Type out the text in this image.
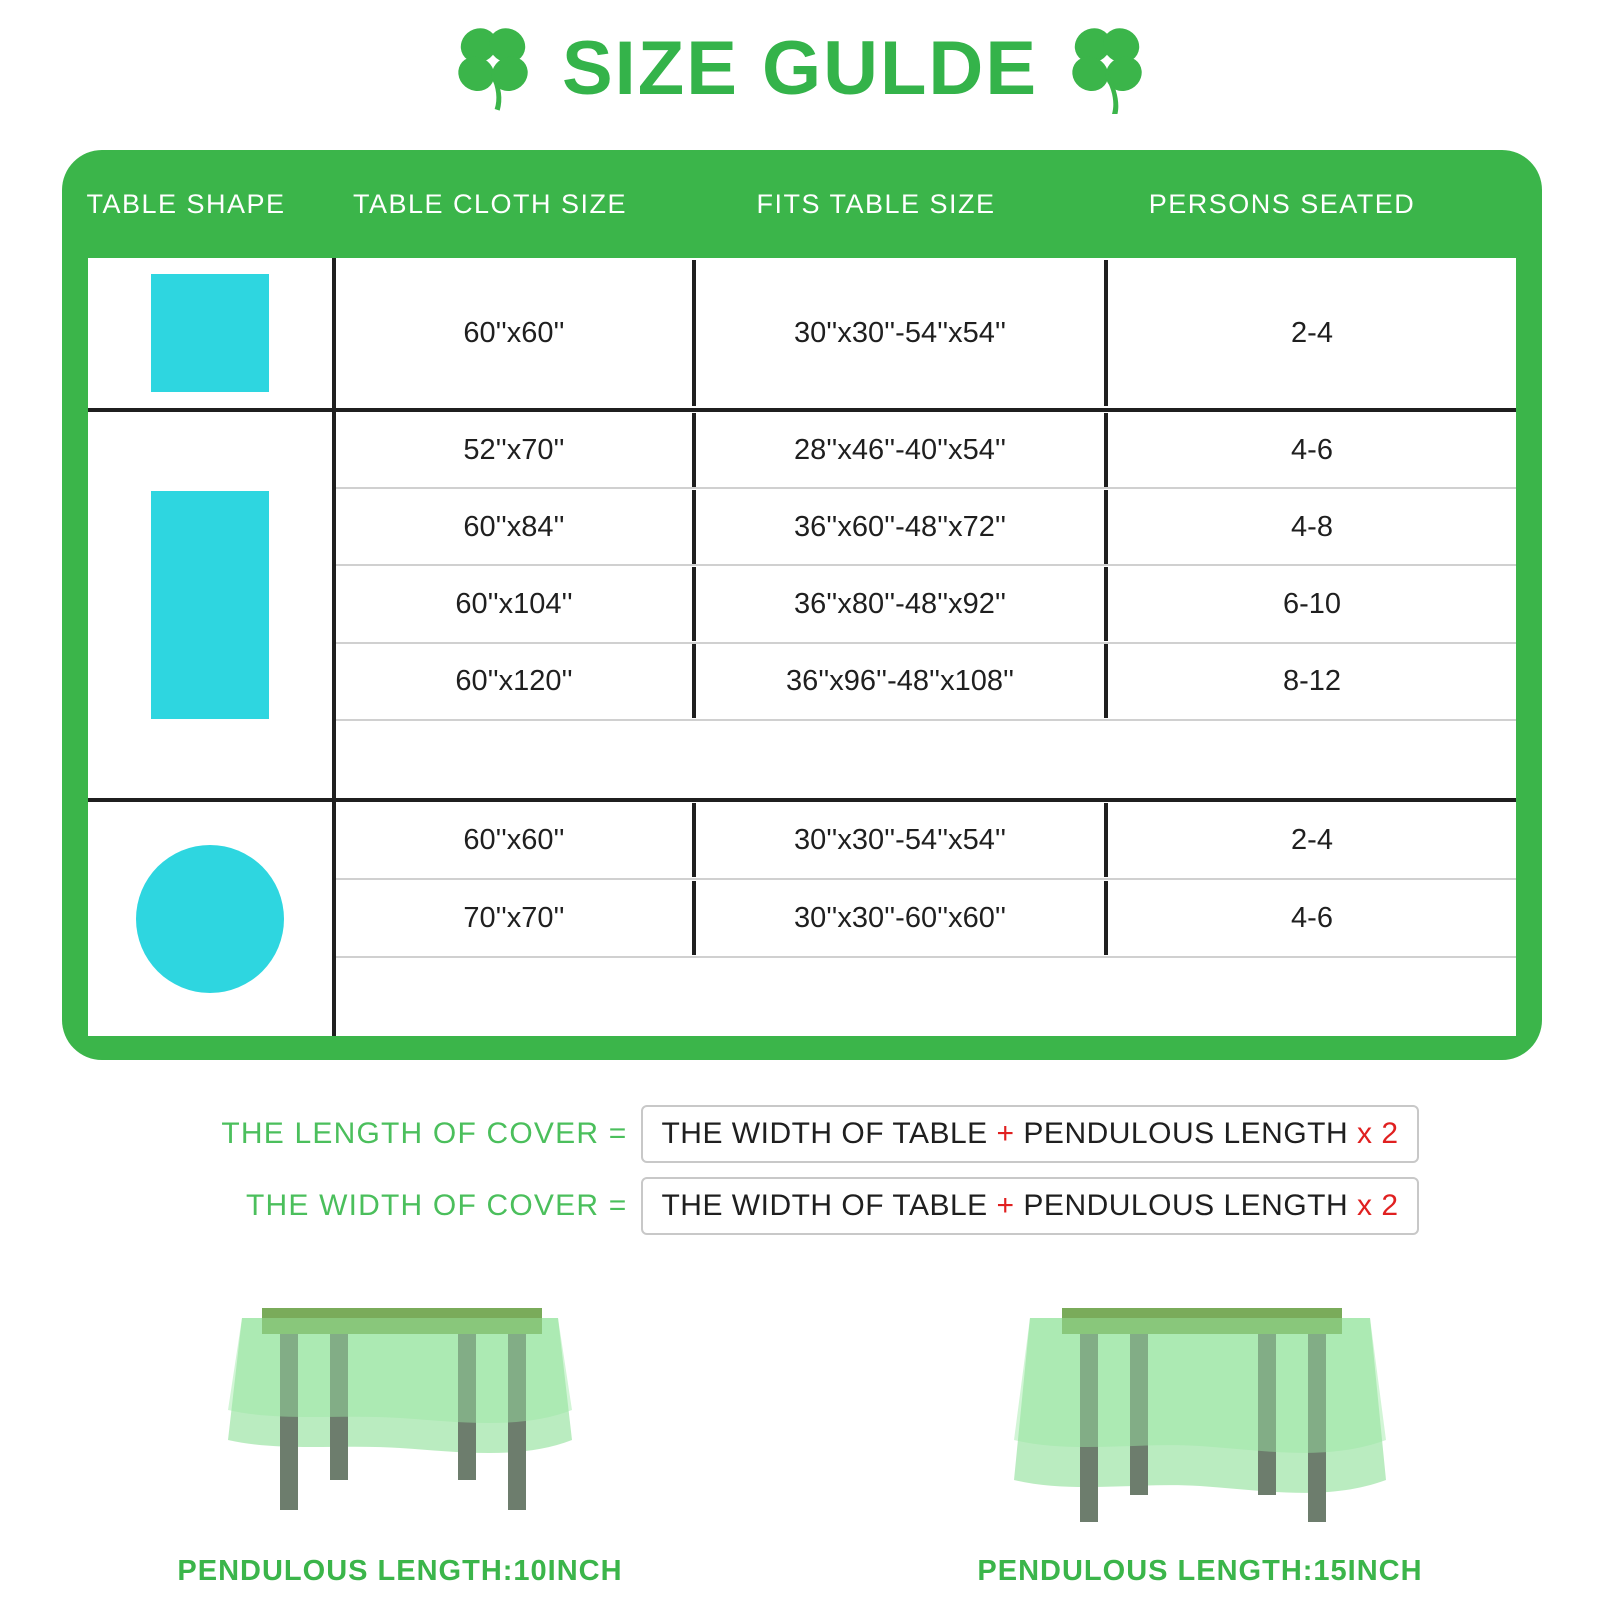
SIZE GULDE
TABLE SHAPE	TABLE CLOTH SIZE	FITS TABLE SIZE	PERSONS SEATED
60''x60''	30''x30''-54''x54''	2-4
52''x70''	28''x46''-40''x54''	4-6
60''x84''	36''x60''-48''x72''	4-8
60''x104''	36''x80''-48''x92''	6-10
60''x120''	36''x96''-48''x108''	8-12
60''x60''	30''x30''-54''x54''	2-4
70''x70''	30''x30''-60''x60''	4-6
THE LENGTH OF COVER =	THE WIDTH OF TABLE + PENDULOUS LENGTH x 2
THE WIDTH OF COVER =	THE WIDTH OF TABLE + PENDULOUS LENGTH x 2
PENDULOUS LENGTH:10INCH	PENDULOUS LENGTH:15INCH
